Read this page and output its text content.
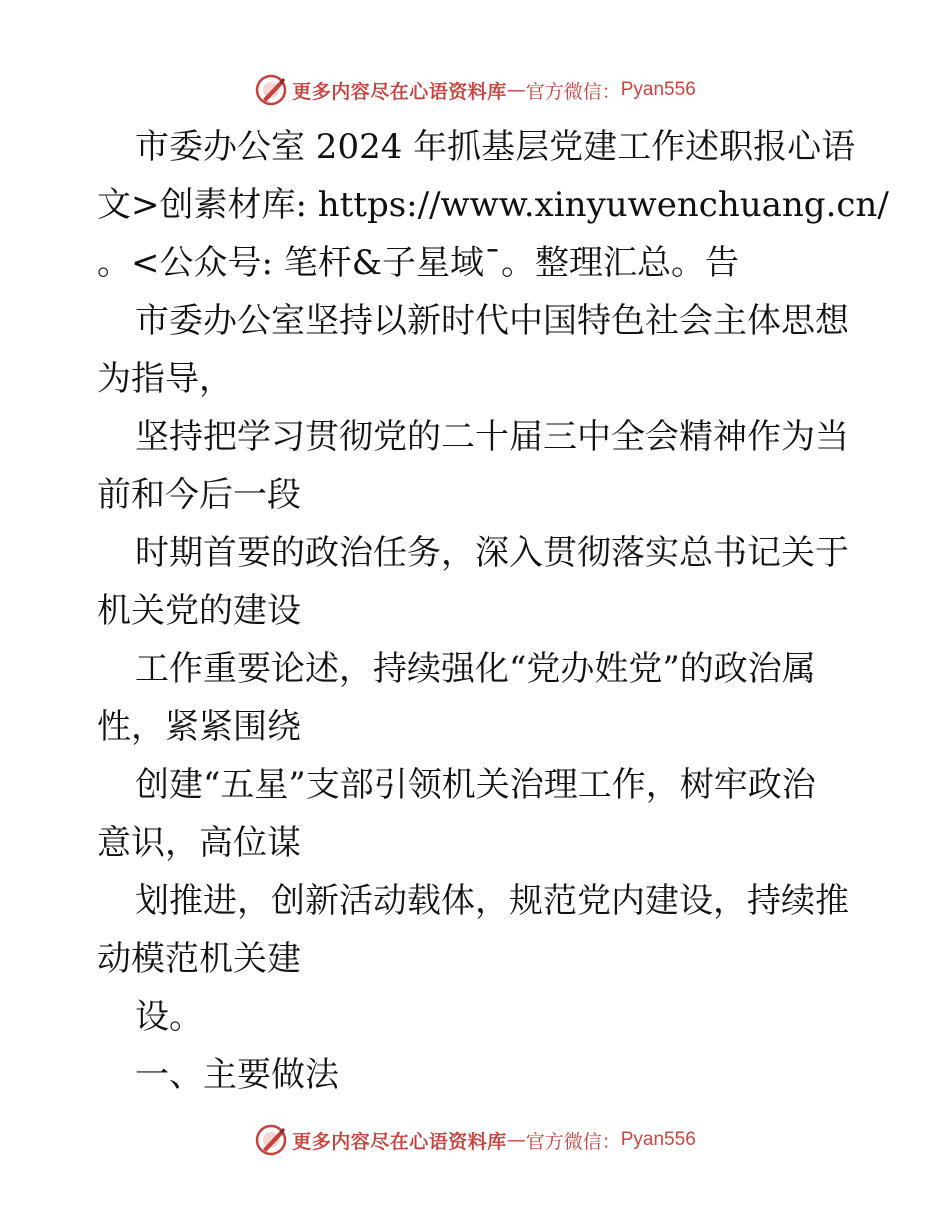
更多内容尽在心语资料库 — 官方微信： Pyan556
市委办公室 2024 年抓基层党建工作述职报心语
文>创素材库: https://www.xinyuwenchuang.cn/
。<公众号: 笔杆&子星域¯。整理汇总。告
市委办公室坚持以新时代中国特色社会主体思想
为指导，
坚持把学习贯彻党的二十届三中全会精神作为当
前和今后一段
时期首要的政治任务，深入贯彻落实总书记关于
机关党的建设
工作重要论述，持续强化“党办姓党”的政治属
性，紧紧围绕
创建“五星”支部引领机关治理工作，树牢政治
意识，高位谋
划推进，创新活动载体，规范党内建设，持续推
动模范机关建
设。
一、主要做法
更多内容尽在心语资料库 — 官方微信： Pyan556
